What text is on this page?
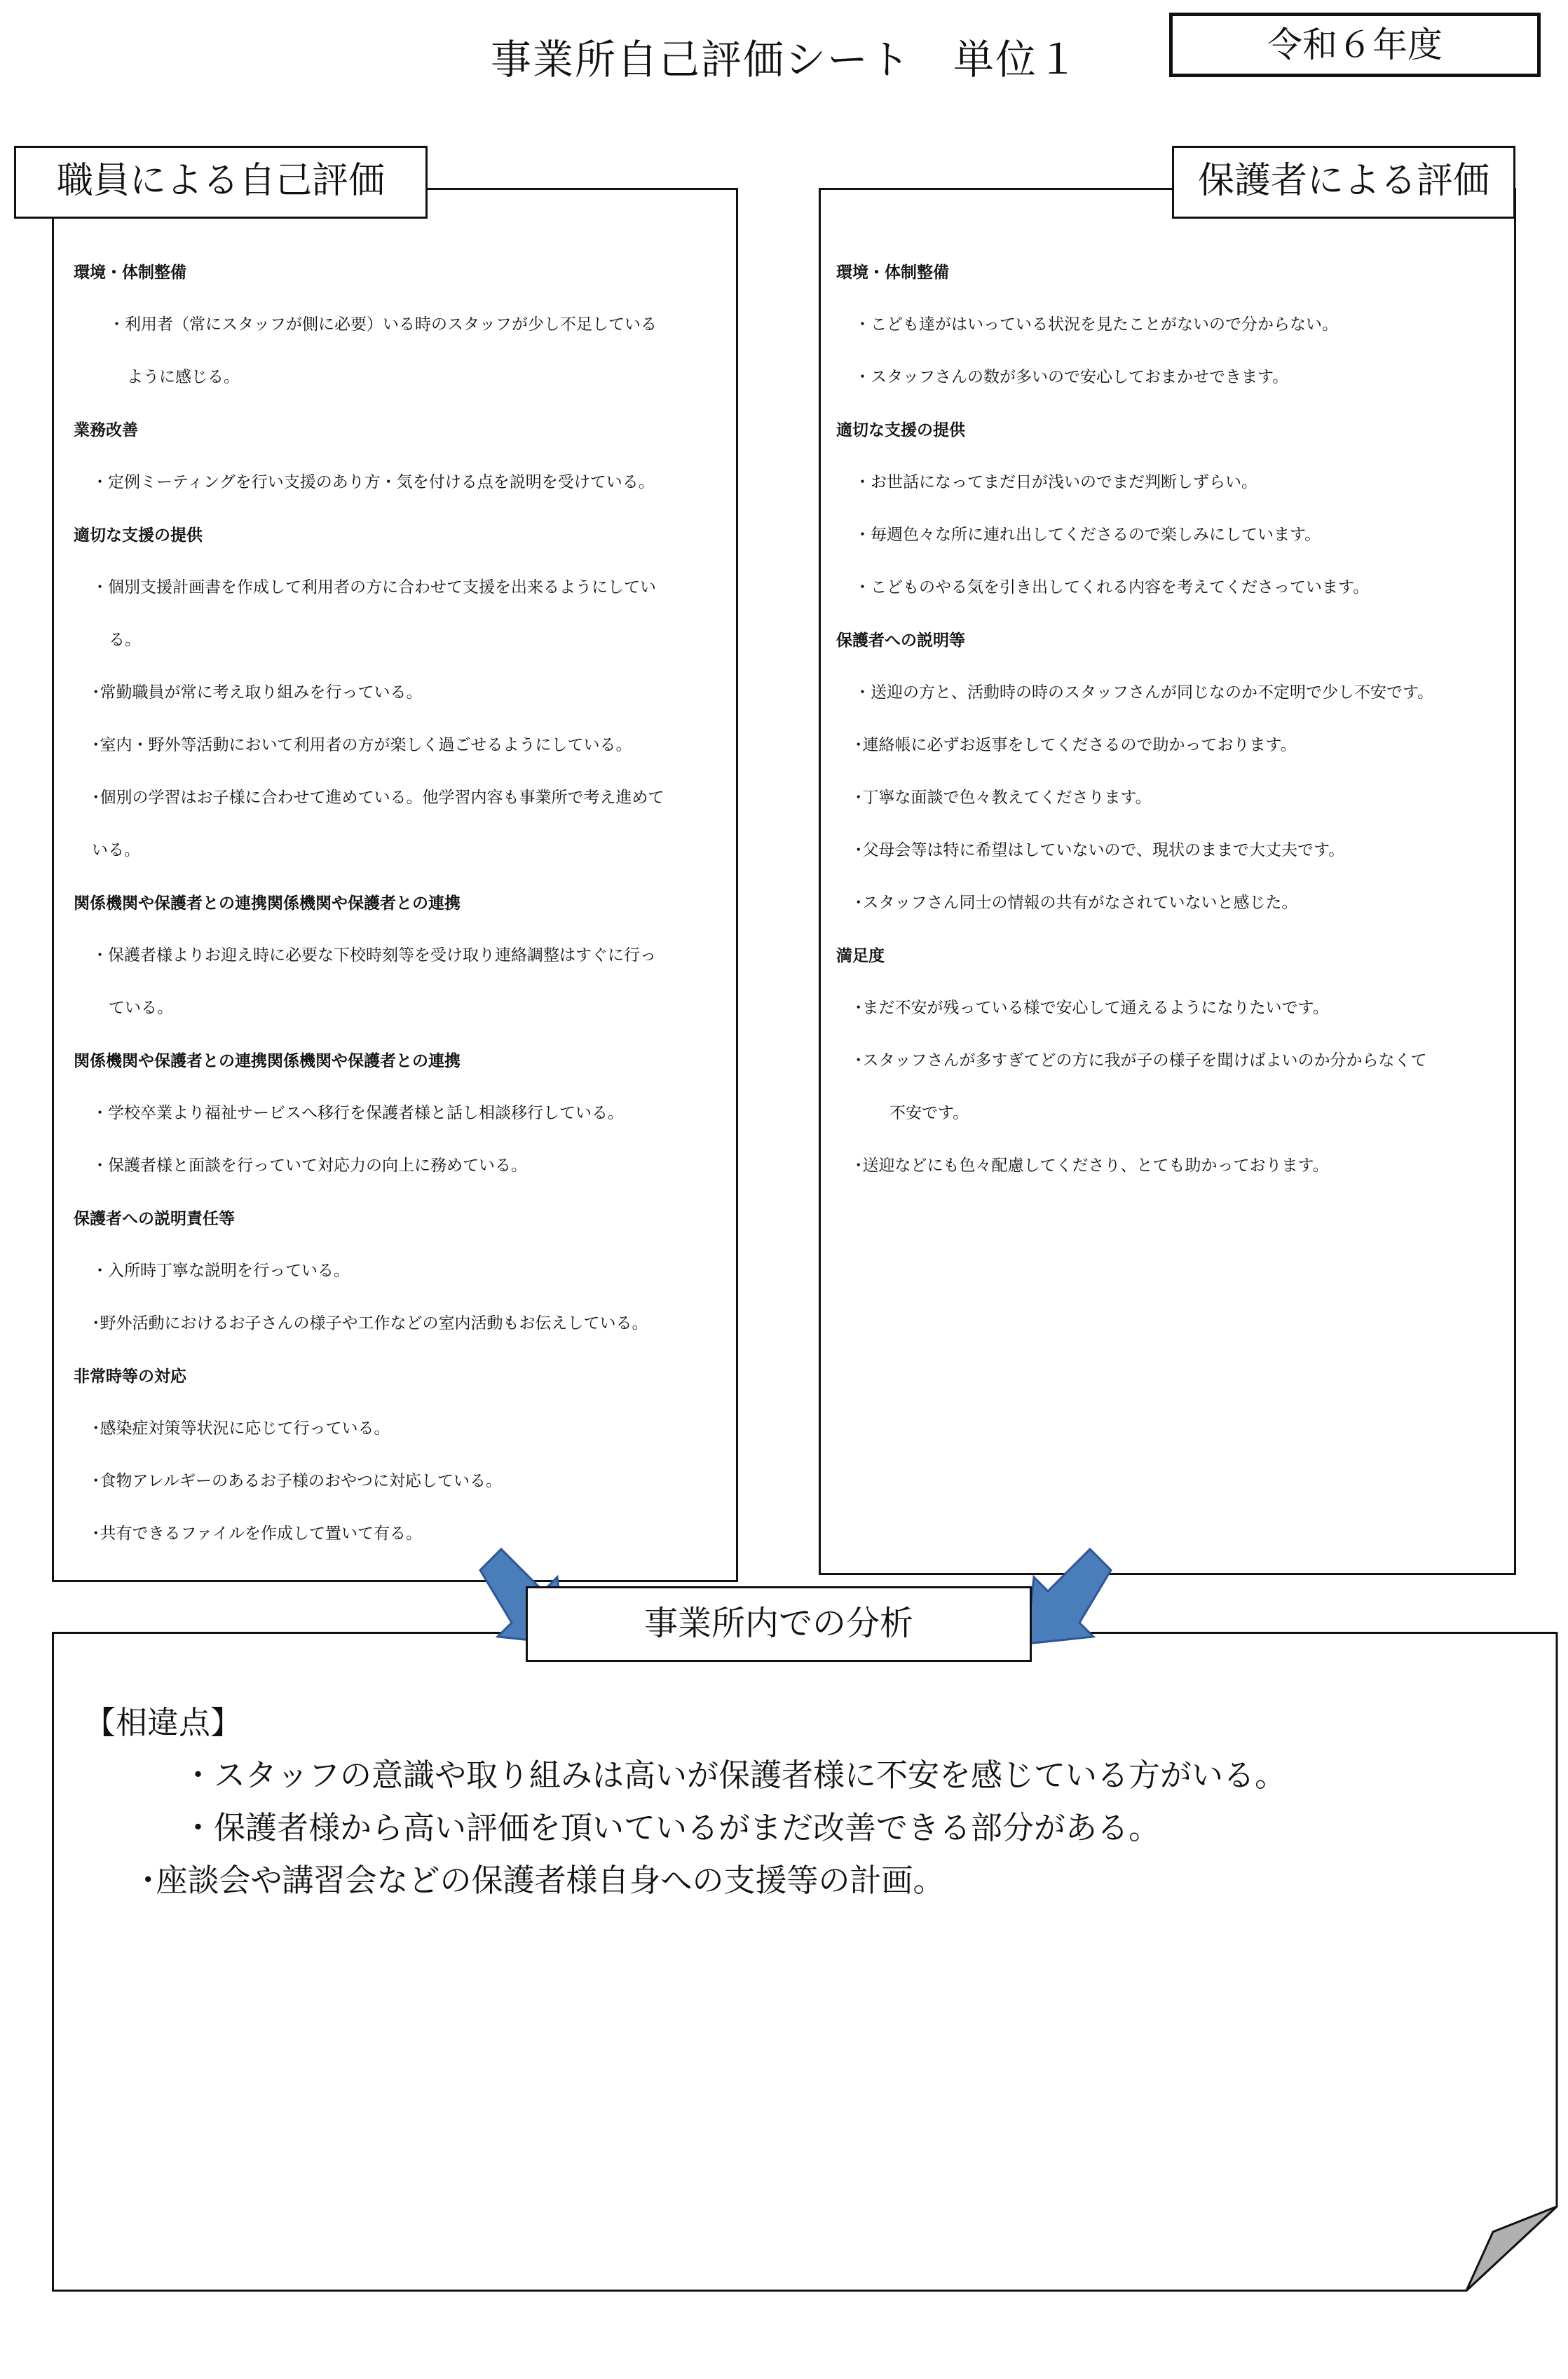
事業所自己評価シート　単位１	令和６年度
環境・体制整備
・利用者（常にスタッフが側に必要）いる時のスタッフが少し不足している
ように感じる。
業務改善
・定例ミーティングを行い支援のあり方・気を付ける点を説明を受けている。
適切な支援の提供
・個別支援計画書を作成して利用者の方に合わせて支援を出来るようにしてい
る。
･常勤職員が常に考え取り組みを行っている。
･室内・野外等活動において利用者の方が楽しく過ごせるようにしている。
･個別の学習はお子様に合わせて進めている。他学習内容も事業所で考え進めて
いる。
関係機関や保護者との連携関係機関や保護者との連携
・保護者様よりお迎え時に必要な下校時刻等を受け取り連絡調整はすぐに行っ
ている。
関係機関や保護者との連携関係機関や保護者との連携
・学校卒業より福祉サービスへ移行を保護者様と話し相談移行している。
・保護者様と面談を行っていて対応力の向上に務めている。
保護者への説明責任等
・入所時丁寧な説明を行っている。
･野外活動におけるお子さんの様子や工作などの室内活動もお伝えしている。
非常時等の対応
･感染症対策等状況に応じて行っている。
･食物アレルギーのあるお子様のおやつに対応している。
･共有できるファイルを作成して置いて有る。
職員による自己評価
環境・体制整備
・こども達がはいっている状況を見たことがないので分からない。
・スタッフさんの数が多いので安心しておまかせできます。
適切な支援の提供
・お世話になってまだ日が浅いのでまだ判断しずらい。
・毎週色々な所に連れ出してくださるので楽しみにしています。
・こどものやる気を引き出してくれる内容を考えてくださっています。
保護者への説明等
・送迎の方と、活動時の時のスタッフさんが同じなのか不定明で少し不安です。
･連絡帳に必ずお返事をしてくださるので助かっております。
･丁寧な面談で色々教えてくださります。
･父母会等は特に希望はしていないので、現状のままで大丈夫です。
･スタッフさん同士の情報の共有がなされていないと感じた。
満足度
･まだ不安が残っている様で安心して通えるようになりたいです。
･スタッフさんが多すぎてどの方に我が子の様子を聞けばよいのか分からなくて
不安です。
･送迎などにも色々配慮してくださり、とても助かっております。
保護者による評価
事業所内での分析
【相違点】
・スタッフの意識や取り組みは高いが保護者様に不安を感じている方がいる。
・保護者様から高い評価を頂いているがまだ改善できる部分がある。
･座談会や講習会などの保護者様自身への支援等の計画。
